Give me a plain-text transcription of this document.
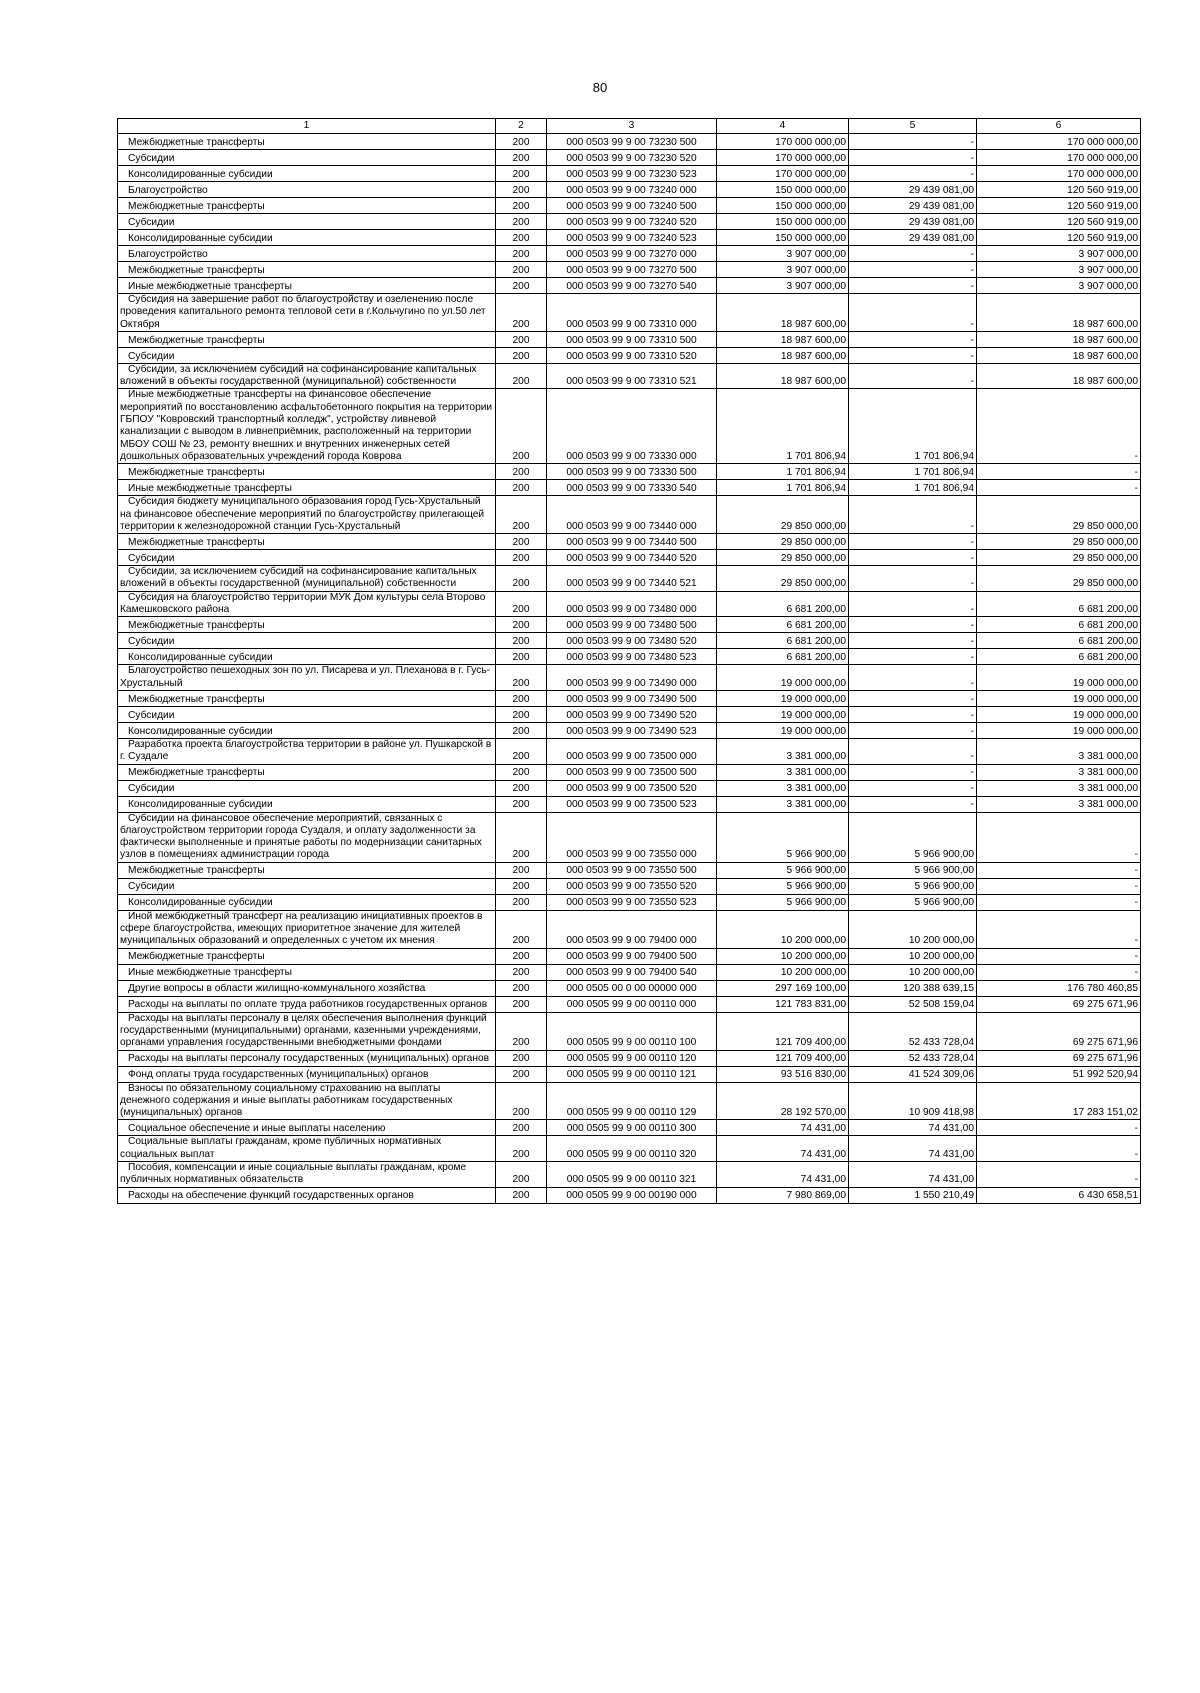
80
1	2	3	4	5	6
Межбюджетные трансферты	200	000 0503 99 9 00 73230 500	170 000 000,00	-	170 000 000,00
Субсидии	200	000 0503 99 9 00 73230 520	170 000 000,00	-	170 000 000,00
Консолидированные субсидии	200	000 0503 99 9 00 73230 523	170 000 000,00	-	170 000 000,00
Благоустройство	200	000 0503 99 9 00 73240 000	150 000 000,00	29 439 081,00	120 560 919,00
Межбюджетные трансферты	200	000 0503 99 9 00 73240 500	150 000 000,00	29 439 081,00	120 560 919,00
Субсидии	200	000 0503 99 9 00 73240 520	150 000 000,00	29 439 081,00	120 560 919,00
Консолидированные субсидии	200	000 0503 99 9 00 73240 523	150 000 000,00	29 439 081,00	120 560 919,00
Благоустройство	200	000 0503 99 9 00 73270 000	3 907 000,00	-	3 907 000,00
Межбюджетные трансферты	200	000 0503 99 9 00 73270 500	3 907 000,00	-	3 907 000,00
Иные межбюджетные трансферты	200	000 0503 99 9 00 73270 540	3 907 000,00	-	3 907 000,00
Субсидия на завершение работ по благоустройству и озеленению после проведения капитального ремонта тепловой сети в г.Кольчугино по ул.50 лет Октября	200	000 0503 99 9 00 73310 000	18 987 600,00	-	18 987 600,00
Межбюджетные трансферты	200	000 0503 99 9 00 73310 500	18 987 600,00	-	18 987 600,00
Субсидии	200	000 0503 99 9 00 73310 520	18 987 600,00	-	18 987 600,00
Субсидии, за исключением субсидий на софинансирование капитальных вложений в объекты государственной (муниципальной) собственности	200	000 0503 99 9 00 73310 521	18 987 600,00	-	18 987 600,00
Иные межбюджетные трансферты на финансовое обеспечение мероприятий по восстановлению асфальтобетонного покрытия на территории ГБПОУ "Ковровский транспортный колледж", устройству ливневой канализации с выводом в ливнеприёмник, расположенный на территории МБОУ СОШ № 23, ремонту внешних и внутренних инженерных сетей дошкольных образовательных учреждений города Коврова	200	000 0503 99 9 00 73330 000	1 701 806,94	1 701 806,94	-
Межбюджетные трансферты	200	000 0503 99 9 00 73330 500	1 701 806,94	1 701 806,94	-
Иные межбюджетные трансферты	200	000 0503 99 9 00 73330 540	1 701 806,94	1 701 806,94	-
Субсидия бюджету муниципального образования город Гусь-Хрустальный на финансовое обеспечение мероприятий по благоустройству прилегающей территории к железнодорожной станции Гусь-Хрустальный	200	000 0503 99 9 00 73440 000	29 850 000,00	-	29 850 000,00
Межбюджетные трансферты	200	000 0503 99 9 00 73440 500	29 850 000,00	-	29 850 000,00
Субсидии	200	000 0503 99 9 00 73440 520	29 850 000,00	-	29 850 000,00
Субсидии, за исключением субсидий на софинансирование капитальных вложений в объекты государственной (муниципальной) собственности	200	000 0503 99 9 00 73440 521	29 850 000,00	-	29 850 000,00
Субсидия на благоустройство территории МУК Дом культуры села Второво Камешковского района	200	000 0503 99 9 00 73480 000	6 681 200,00	-	6 681 200,00
Межбюджетные трансферты	200	000 0503 99 9 00 73480 500	6 681 200,00	-	6 681 200,00
Субсидии	200	000 0503 99 9 00 73480 520	6 681 200,00	-	6 681 200,00
Консолидированные субсидии	200	000 0503 99 9 00 73480 523	6 681 200,00	-	6 681 200,00
Благоустройство пешеходных зон по ул. Писарева и ул. Плеханова в г. Гусь-Хрустальный	200	000 0503 99 9 00 73490 000	19 000 000,00	-	19 000 000,00
Межбюджетные трансферты	200	000 0503 99 9 00 73490 500	19 000 000,00	-	19 000 000,00
Субсидии	200	000 0503 99 9 00 73490 520	19 000 000,00	-	19 000 000,00
Консолидированные субсидии	200	000 0503 99 9 00 73490 523	19 000 000,00	-	19 000 000,00
Разработка проекта благоустройства территории в районе ул. Пушкарской в г. Суздале	200	000 0503 99 9 00 73500 000	3 381 000,00	-	3 381 000,00
Межбюджетные трансферты	200	000 0503 99 9 00 73500 500	3 381 000,00	-	3 381 000,00
Субсидии	200	000 0503 99 9 00 73500 520	3 381 000,00	-	3 381 000,00
Консолидированные субсидии	200	000 0503 99 9 00 73500 523	3 381 000,00	-	3 381 000,00
Субсидии на финансовое обеспечение мероприятий, связанных с благоустройством территории города Суздаля, и оплату задолженности за фактически выполненные и принятые работы по модернизации санитарных узлов в помещениях администрации города	200	000 0503 99 9 00 73550 000	5 966 900,00	5 966 900,00	-
Межбюджетные трансферты	200	000 0503 99 9 00 73550 500	5 966 900,00	5 966 900,00	-
Субсидии	200	000 0503 99 9 00 73550 520	5 966 900,00	5 966 900,00	-
Консолидированные субсидии	200	000 0503 99 9 00 73550 523	5 966 900,00	5 966 900,00	-
Иной межбюджетный трансферт на реализацию инициативных проектов в сфере благоустройства, имеющих приоритетное значение для жителей муниципальных образований и определенных с учетом их мнения	200	000 0503 99 9 00 79400 000	10 200 000,00	10 200 000,00	-
Межбюджетные трансферты	200	000 0503 99 9 00 79400 500	10 200 000,00	10 200 000,00	-
Иные межбюджетные трансферты	200	000 0503 99 9 00 79400 540	10 200 000,00	10 200 000,00	-
Другие вопросы в области жилищно-коммунального хозяйства	200	000 0505 00 0 00 00000 000	297 169 100,00	120 388 639,15	176 780 460,85
Расходы на выплаты по оплате труда работников государственных органов	200	000 0505 99 9 00 00110 000	121 783 831,00	52 508 159,04	69 275 671,96
Расходы на выплаты персоналу в целях обеспечения выполнения функций государственными (муниципальными) органами, казенными учреждениями, органами управления государственными внебюджетными фондами	200	000 0505 99 9 00 00110 100	121 709 400,00	52 433 728,04	69 275 671,96
Расходы на выплаты персоналу государственных (муниципальных) органов	200	000 0505 99 9 00 00110 120	121 709 400,00	52 433 728,04	69 275 671,96
Фонд оплаты труда государственных (муниципальных) органов	200	000 0505 99 9 00 00110 121	93 516 830,00	41 524 309,06	51 992 520,94
Взносы по обязательному социальному страхованию на выплаты денежного содержания и иные выплаты работникам государственных (муниципальных) органов	200	000 0505 99 9 00 00110 129	28 192 570,00	10 909 418,98	17 283 151,02
Социальное обеспечение и иные выплаты населению	200	000 0505 99 9 00 00110 300	74 431,00	74 431,00	-
Социальные выплаты гражданам, кроме публичных нормативных социальных выплат	200	000 0505 99 9 00 00110 320	74 431,00	74 431,00	-
Пособия, компенсации и иные социальные выплаты гражданам, кроме публичных нормативных обязательств	200	000 0505 99 9 00 00110 321	74 431,00	74 431,00	-
Расходы на обеспечение функций государственных органов	200	000 0505 99 9 00 00190 000	7 980 869,00	1 550 210,49	6 430 658,51
